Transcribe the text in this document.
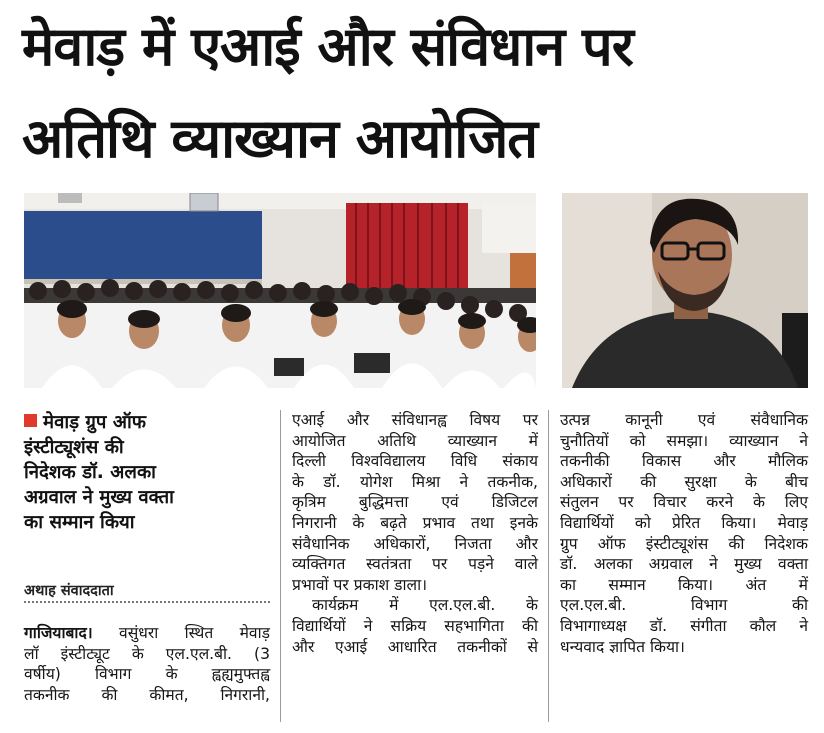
मेवाड़ में एआई और संविधान पर
अतिथि व्याख्यान आयोजित
मेवाड़ ग्रुप ऑफ
इंस्टीट्यूशंस की
निदेशक डॉ. अलका
अग्रवाल ने मुख्य वक्ता
का सम्मान किया
अथाह संवाददाता
गाजियाबाद। वसुंधरा स्थित मेवाड़
लॉ इंस्टीट्यूट के एल.एल.बी. (3
वर्षीय) विभाग के ह्वह्यमुफ्तह्व
तकनीक की कीमत, निगरानी,
एआई और संविधानह्व विषय पर
आयोजित अतिथि व्याख्यान में
दिल्ली विश्वविद्यालय विधि संकाय
के डॉ. योगेश मिश्रा ने तकनीक,
कृत्रिम बुद्धिमत्ता एवं डिजिटल
निगरानी के बढ़ते प्रभाव तथा इनके
संवैधानिक अधिकारों, निजता और
व्यक्तिगत स्वतंत्रता पर पड़ने वाले
प्रभावों पर प्रकाश डाला।
कार्यक्रम में एल.एल.बी. के
विद्यार्थियों ने सक्रिय सहभागिता की
और एआई आधारित तकनीकों से
उत्पन्न कानूनी एवं संवैधानिक
चुनौतियों को समझा। व्याख्यान ने
तकनीकी विकास और मौलिक
अधिकारों की सुरक्षा के बीच
संतुलन पर विचार करने के लिए
विद्यार्थियों को प्रेरित किया। मेवाड़
ग्रुप ऑफ इंस्टीट्यूशंस की निदेशक
डॉ. अलका अग्रवाल ने मुख्य वक्ता
का सम्मान किया। अंत में
एल.एल.बी. विभाग की
विभागाध्यक्ष डॉ. संगीता कौल ने
धन्यवाद ज्ञापित किया।
